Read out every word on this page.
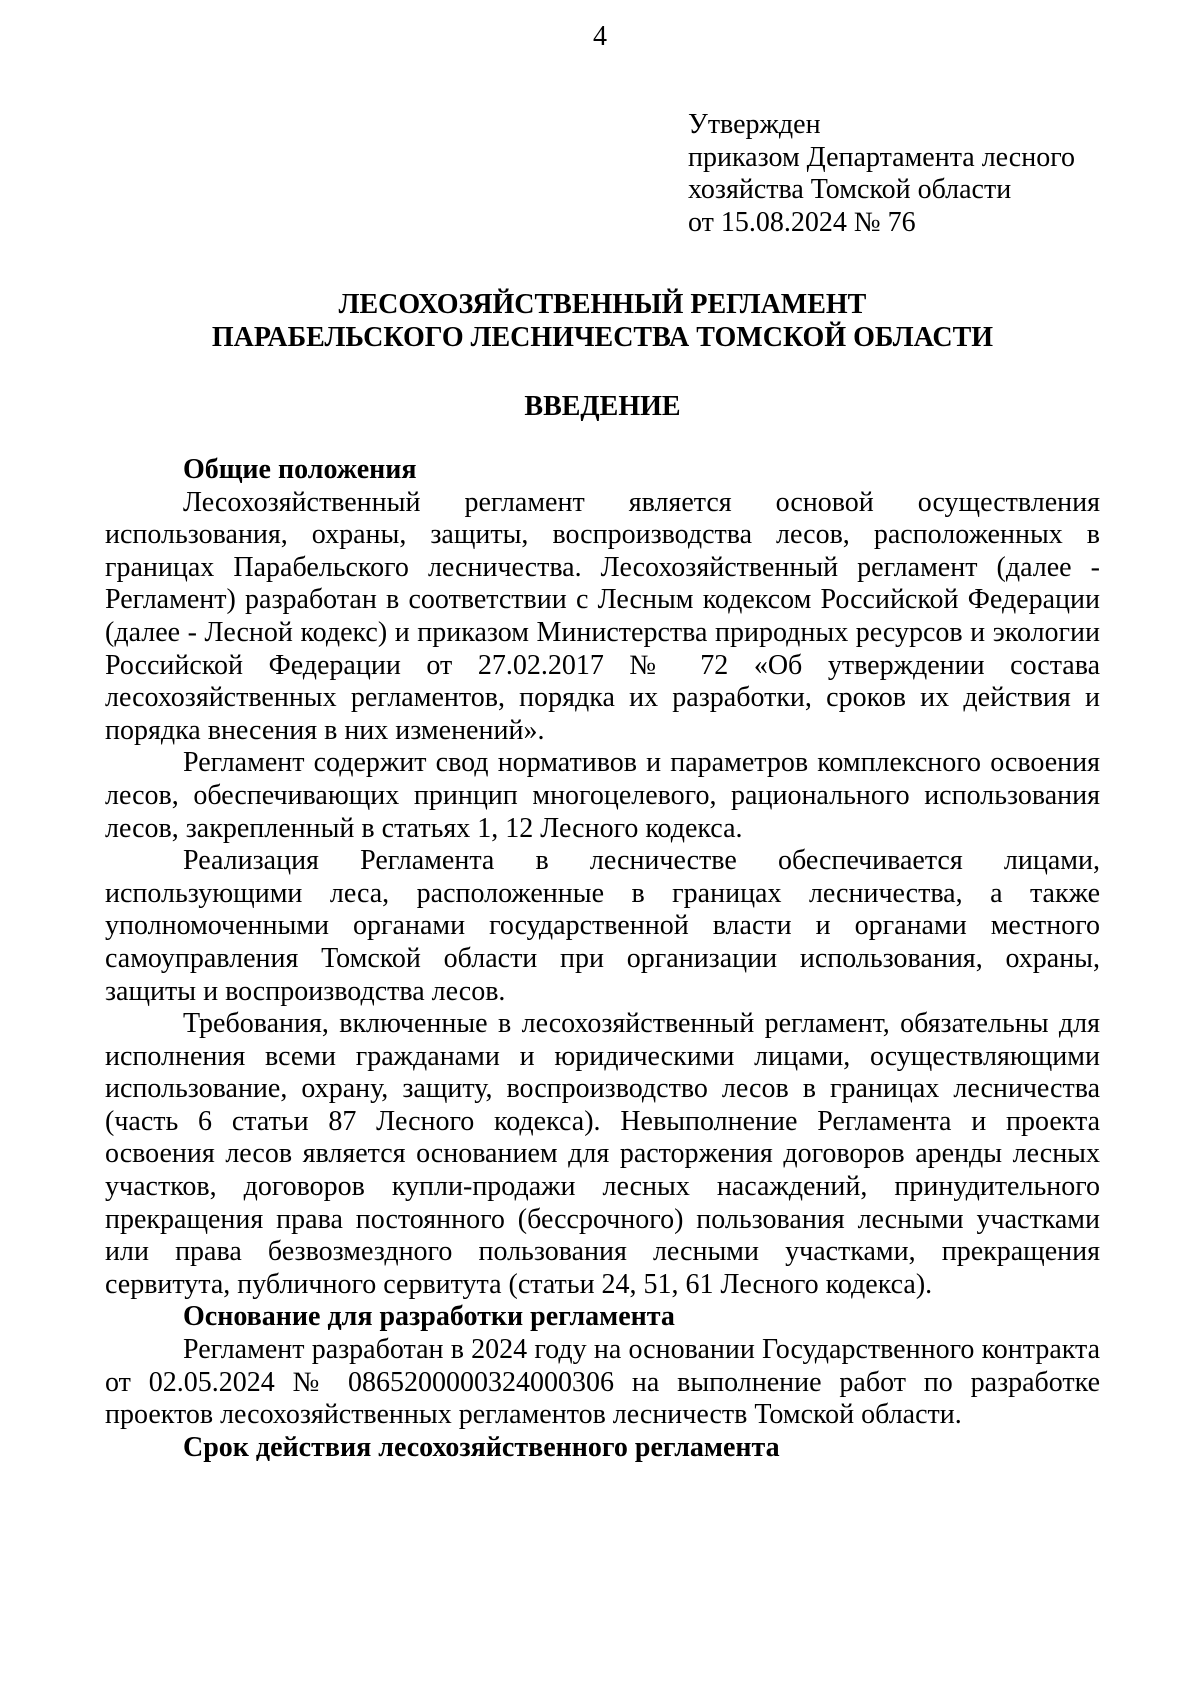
4
Утвержден
приказом Департамента лесного
хозяйства Томской области
от 15.08.2024 № 76
ЛЕСОХОЗЯЙСТВЕННЫЙ РЕГЛАМЕНТ
ПАРАБЕЛЬСКОГО ЛЕСНИЧЕСТВА ТОМСКОЙ ОБЛАСТИ
ВВЕДЕНИЕ
Общие положения
Лесохозяйственный регламент является основой осуществления использования, охраны, защиты, воспроизводства лесов, расположенных в границах Парабельского лесничества. Лесохозяйственный регламент (далее - Регламент) разработан в соответствии с Лесным кодексом Российской Федерации (далее - Лесной кодекс) и приказом Министерства природных ресурсов и экологии Российской Федерации от 27.02.2017 № 72 «Об утверждении состава лесохозяйственных регламентов, порядка их разработки, сроков их действия и порядка внесения в них изменений».
Регламент содержит свод нормативов и параметров комплексного освоения лесов, обеспечивающих принцип многоцелевого, рационального использования лесов, закрепленный в статьях 1, 12 Лесного кодекса.
Реализация Регламента в лесничестве обеспечивается лицами, использующими леса, расположенные в границах лесничества, а также уполномоченными органами государственной власти и органами местного самоуправления Томской области при организации использования, охраны, защиты и воспроизводства лесов.
Требования, включенные в лесохозяйственный регламент, обязательны для исполнения всеми гражданами и юридическими лицами, осуществляющими использование, охрану, защиту, воспроизводство лесов в границах лесничества (часть 6 статьи 87 Лесного кодекса). Невыполнение Регламента и проекта освоения лесов является основанием для расторжения договоров аренды лесных участков, договоров купли-продажи лесных насаждений, принудительного прекращения права постоянного (бессрочного) пользования лесными участками или права безвозмездного пользования лесными участками, прекращения сервитута, публичного сервитута (статьи 24, 51, 61 Лесного кодекса).
Основание для разработки регламента
Регламент разработан в 2024 году на основании Государственного контракта от 02.05.2024 № 0865200000324000306 на выполнение работ по разработке проектов лесохозяйственных регламентов лесничеств Томской области.
Срок действия лесохозяйственного регламента
